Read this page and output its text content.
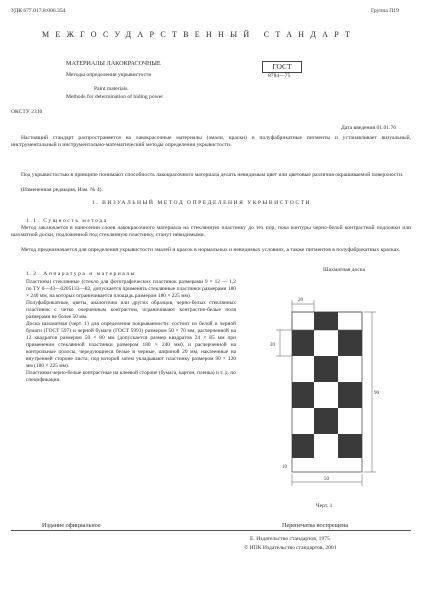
УДК 677.017.8:006.354	Группа П19
МЕЖГОСУДАРСТВЕННЫЙ СТАНДАРТ
МАТЕРИАЛЫ ЛАКОКРАСОЧНЫЕ
Методы определения укрывистости
Paint materials.
Methods for determination of hiding power
ГОСТ
8784—75
ОКСТУ 2310
Дата введения 01.01.76
Настоящий стандарт распространяется на лакокрасочные материалы (эмали, краски) и полуфабрикатные пигменты и устанавливает визуальный, инструментальный и инструментально-математический методы определения укрывистости.
Под укрывистостью в принципе понимают способность лакокрасочного материала делать невидимым цвет или цветовые различия окрашиваемой поверхности.
(Измененная редакция, Изм. № 4).
1. ВИЗУАЛЬНЫЙ МЕТОД ОПРЕДЕЛЕНИЯ УКРЫВИСТОСТИ
1.1. Сущность метода
Метод заключается в нанесении слоев лакокрасочного материала на стеклянную пластинку до тех пор, пока контуры черно-белой контрастной подложки или шахматной доски, подложенной под стеклянную пластинку, станут невидимыми.
Метод предназначается для определения укрывистости эмалей и красок в нормальных и невидимых условиях, а также пигментов в полуфабрикатных красках.
1.2. Аппаратура и материалы
Пластинки стеклянные (стекло для фотографических пластинок размерами 9 × 12 — 1,2 по ТУ 6—43—0205133—82, допускается применять стеклянные пластинки размерами 180 × 240 мм, на которых ограничивается площадь размером 180 × 225 мм).
Полуфабрикатные, цветы, аналогично или других образцов, черно-белых стеклянных пластинок с четко очерченным контрастом, ограничивают контрастно-белые поля размерами не более 50 мм.
Доска шахматная (черт. 1) для определения покрываемости: состоит из белой и черной бумаги (ГОСТ 597) и черной бумаги (ГОСТ 5993) размером 50 × 70 мм, расчерченной на 12 квадратов размером 50 × 80 мм (допускается размер квадратов 24 × 85 мм при применении стеклянной пластинки размером 180 × 240 мм), и расчерченной на контрольные полосы, чередующиеся белые и черные, шириной 20 мм, наклеенные на внутренней стороне листа, под которой затем укладывают пластинку размером 90 × 120 мм (180 × 225 мм).
Пластинки черно-белые контрастные на клеевой стороне (бумага, картон, пленка) и т. д. по спецификации.
Шахматная доска
20
90
20
50
10
Черт. 1
Издание официальное	Перепечатка воспрещена
Е. Издательство стандартов, 1975
© ИПК Издательство стандартов, 2001
